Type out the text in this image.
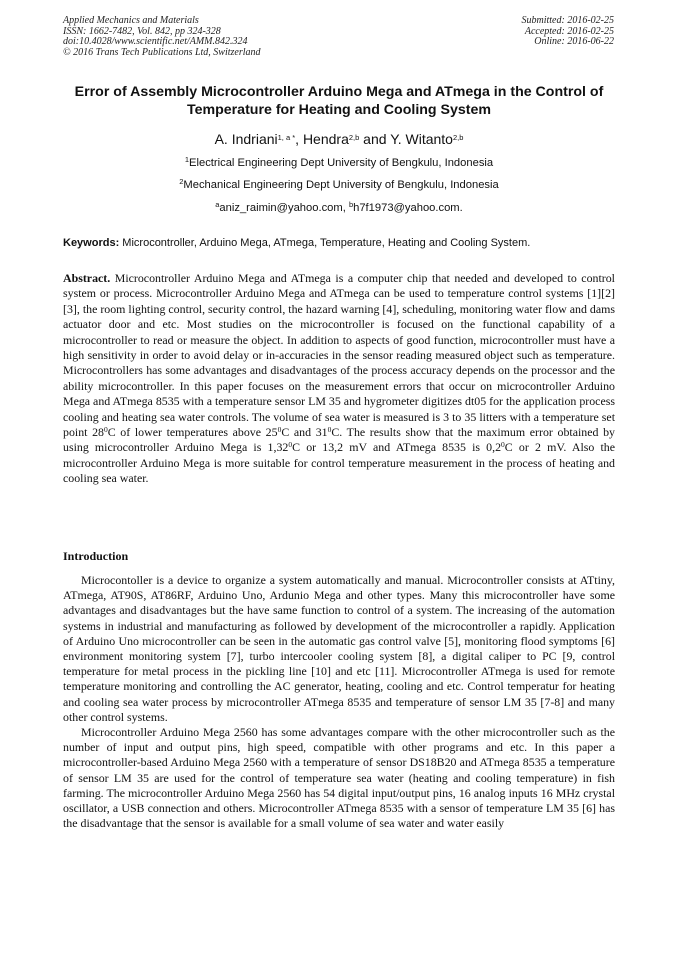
Applied Mechanics and Materials
ISSN: 1662-7482, Vol. 842, pp 324-328
doi:10.4028/www.scientific.net/AMM.842.324
© 2016 Trans Tech Publications Ltd, Switzerland
Submitted: 2016-02-25
Accepted: 2016-02-25
Online: 2016-06-22
Error of Assembly Microcontroller Arduino Mega and ATmega in the Control of Temperature for Heating and Cooling System
A. Indriani$^{1, a *}$, Hendra$^{2,b}$ and Y. Witanto$^{2,b}$
$^1$Electrical Engineering Dept University of Bengkulu, Indonesia
$^2$Mechanical Engineering Dept University of Bengkulu, Indonesia
$^a$aniz_raimin@yahoo.com, $^b$h7f1973@yahoo.com.
Keywords: Microcontroller, Arduino Mega, ATmega, Temperature, Heating and Cooling System.
Abstract. Microcontroller Arduino Mega and ATmega is a computer chip that needed and developed to control system or process. Microcontroller Arduino Mega and ATmega can be used to temperature control systems [1][2][3], the room lighting control, security control, the hazard warning [4], scheduling, monitoring water flow and dams actuator door and etc. Most studies on the microcontroller is focused on the functional capability of a microcontroller to read or measure the object. In addition to aspects of good function, microcontroller must have a high sensitivity in order to avoid delay or in-accuracies in the sensor reading measured object such as temperature. Microcontrollers has some advantages and disadvantages of the process accuracy depends on the processor and the ability microcontroller. In this paper focuses on the measurement errors that occur on microcontroller Arduino Mega and ATmega 8535 with a temperature sensor LM 35 and hygrometer digitizes dt05 for the application process cooling and heating sea water controls. The volume of sea water is measured is 3 to 35 litters with a temperature set point $28^0C$ of lower temperatures above $25^0C$ and $31^0C$. The results show that the maximum error obtained by using microcontroller Arduino Mega is 1,32$^0$C or 13,2 mV and ATmega 8535 is $0,2^0C$ or 2 mV. Also the microcontroller Arduino Mega is more suitable for control temperature measurement in the process of heating and cooling sea water.
Introduction

Microcontoller is a device to organize a system automatically and manual. Microcontroller consists at ATtiny, ATmega, AT90S, AT86RF, Arduino Uno, Ardunio Mega and other types. Many this microcontroller have some advantages and disadvantages but the have same function to control of a system. The increasing of the automation systems in industrial and manufacturing as followed by development of the microcontroller a rapidly. Application of Arduino Uno microcontroller can be seen in the automatic gas control valve [5], monitoring flood symptoms [6] environment monitoring system [7], turbo intercooler cooling system [8], a digital caliper to PC [9, control temperature for metal process in the pickling line [10] and etc [11]. Microcontroller ATmega is used for remote temperature monitoring and controlling the AC generator, heating, cooling and etc. Control temperatur for heating and cooling sea water process by microcontroller ATmega 8535 and temperature of sensor LM 35 [7-8] and many other control systems.

Microcontroller Arduino Mega 2560 has some advantages compare with the other microcontroller such as the number of input and output pins, high speed, compatible with other programs and etc. In this paper a microcontroller-based Arduino Mega 2560 with a temperature of sensor DS18B20 and ATmega 8535 a temperature of sensor LM 35 are used for the control of temperature sea water (heating and cooling temperature) in fish farming. The microcontroller Arduino Mega 2560 has 54 digital input/output pins, 16 analog inputs 16 MHz crystal oscillator, a USB connection and others. Microcontroller ATmega 8535 with a sensor of temperature LM 35 [6] has the disadvantage that the sensor is available for a small volume of sea water and water easily
